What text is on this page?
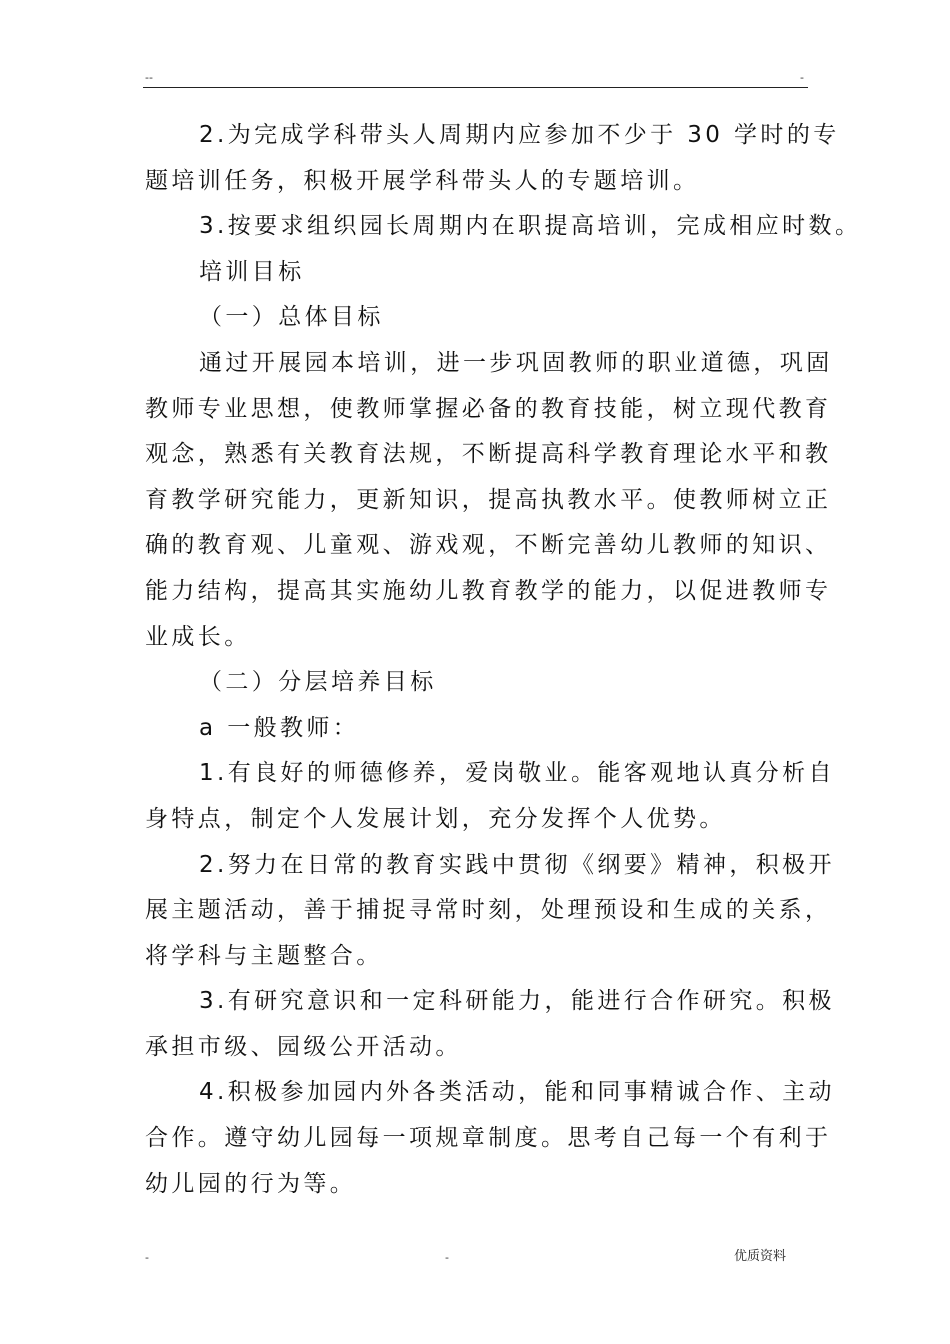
--	-
2.为完成学科带头人周期内应参加不少于 30 学时的专
题培训任务，积极开展学科带头人的专题培训。
3.按要求组织园长周期内在职提高培训，完成相应时数。
培训目标
（一）总体目标
通过开展园本培训，进一步巩固教师的职业道德，巩固
教师专业思想，使教师掌握必备的教育技能，树立现代教育
观念，熟悉有关教育法规，不断提高科学教育理论水平和教
育教学研究能力，更新知识，提高执教水平。使教师树立正
确的教育观、儿童观、游戏观，不断完善幼儿教师的知识、
能力结构，提高其实施幼儿教育教学的能力，以促进教师专
业成长。
（二）分层培养目标
a 一般教师：
1.有良好的师德修养，爱岗敬业。能客观地认真分析自
身特点，制定个人发展计划，充分发挥个人优势。
2.努力在日常的教育实践中贯彻《纲要》精神，积极开
展主题活动，善于捕捉寻常时刻，处理预设和生成的关系，
将学科与主题整合。
3.有研究意识和一定科研能力，能进行合作研究。积极
承担市级、园级公开活动。
4.积极参加园内外各类活动，能和同事精诚合作、主动
合作。遵守幼儿园每一项规章制度。思考自己每一个有利于
幼儿园的行为等。
-	-	优质资料
